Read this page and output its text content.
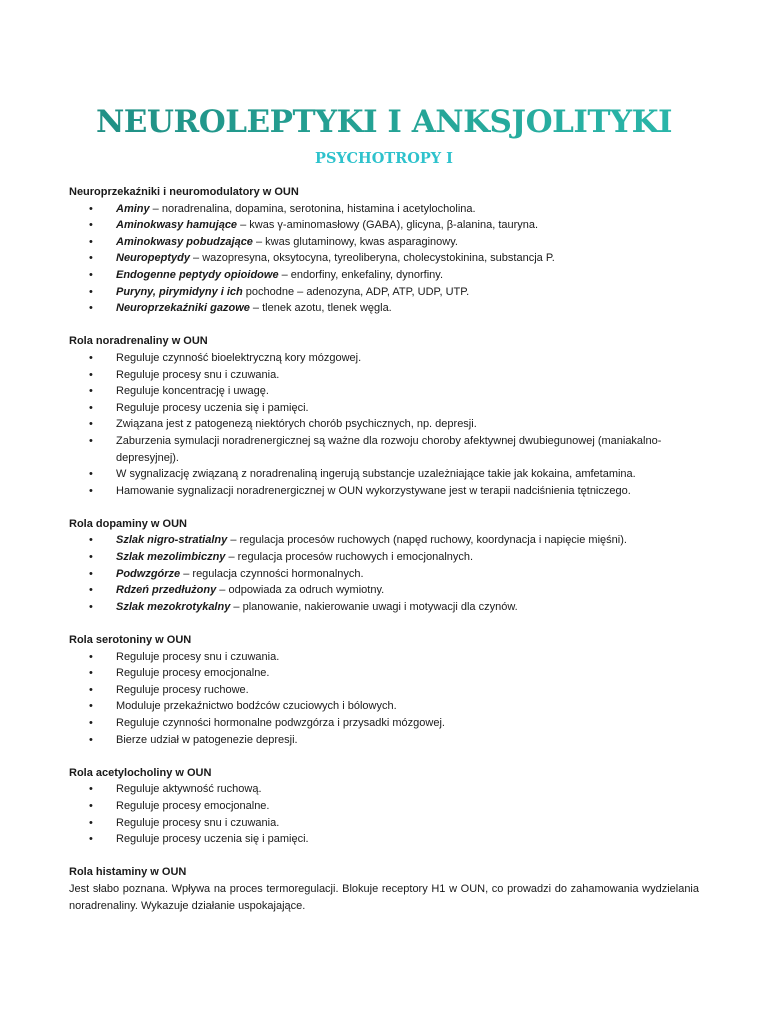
NEUROLEPTYKI I ANKSJOLITYKI
PSYCHOTROPY I
Neuroprzekaźniki i neuromodulatory w OUN
• Aminy – noradrenalina, dopamina, serotonina, histamina i acetylocholina.
• Aminokwasy hamujące – kwas γ-aminomasłowy (GABA), glicyna, β-alanina, tauryna.
• Aminokwasy pobudzające – kwas glutaminowy, kwas asparaginowy.
• Neuropeptydy – wazopresyna, oksytocyna, tyreoliberyna, cholecystokinina, substancja P.
• Endogenne peptydy opioidowe – endorfiny, enkefaliny, dynorfiny.
• Puryny, pirymidyny i ich pochodne – adenozyna, ADP, ATP, UDP, UTP.
• Neuroprzekaźniki gazowe – tlenek azotu, tlenek węgla.
Rola noradrenaliny w OUN
• Reguluje czynność bioelektryczną kory mózgowej.
• Reguluje procesy snu i czuwania.
• Reguluje koncentrację i uwagę.
• Reguluje procesy uczenia się i pamięci.
• Związana jest z patogenezą niektórych chorób psychicznych, np. depresji.
• Zaburzenia symulacji noradrenergicznej są ważne dla rozwoju choroby afektywnej dwubiegunowej (maniakalno-depresyjnej).
• W sygnalizację związaną z noradrenaliną ingerują substancje uzależniające takie jak kokaina, amfetamina.
• Hamowanie sygnalizacji noradrenergicznej w OUN wykorzystywane jest w terapii nadciśnienia tętniczego.
Rola dopaminy w OUN
• Szlak nigro-stratialny – regulacja procesów ruchowych (napęd ruchowy, koordynacja i napięcie mięśni).
• Szlak mezolimbiczny – regulacja procesów ruchowych i emocjonalnych.
• Podwzgórze – regulacja czynności hormonalnych.
• Rdzeń przedłużony – odpowiada za odruch wymiotny.
• Szlak mezokrotykalny – planowanie, nakierowanie uwagi i motywacji dla czynów.
Rola serotoniny w OUN
• Reguluje procesy snu i czuwania.
• Reguluje procesy emocjonalne.
• Reguluje procesy ruchowe.
• Moduluje przekaźnictwo bodźców czuciowych i bólowych.
• Reguluje czynności hormonalne podwzgórza i przysadki mózgowej.
• Bierze udział w patogenezie depresji.
Rola acetylocholiny w OUN
• Reguluje aktywność ruchową.
• Reguluje procesy emocjonalne.
• Reguluje procesy snu i czuwania.
• Reguluje procesy uczenia się i pamięci.
Rola histaminy w OUN

Jest słabo poznana. Wpływa na proces termoregulacji. Blokuje receptory H1 w OUN, co prowadzi do zahamowania wydzielania noradrenaliny. Wykazuje działanie uspokajające.
